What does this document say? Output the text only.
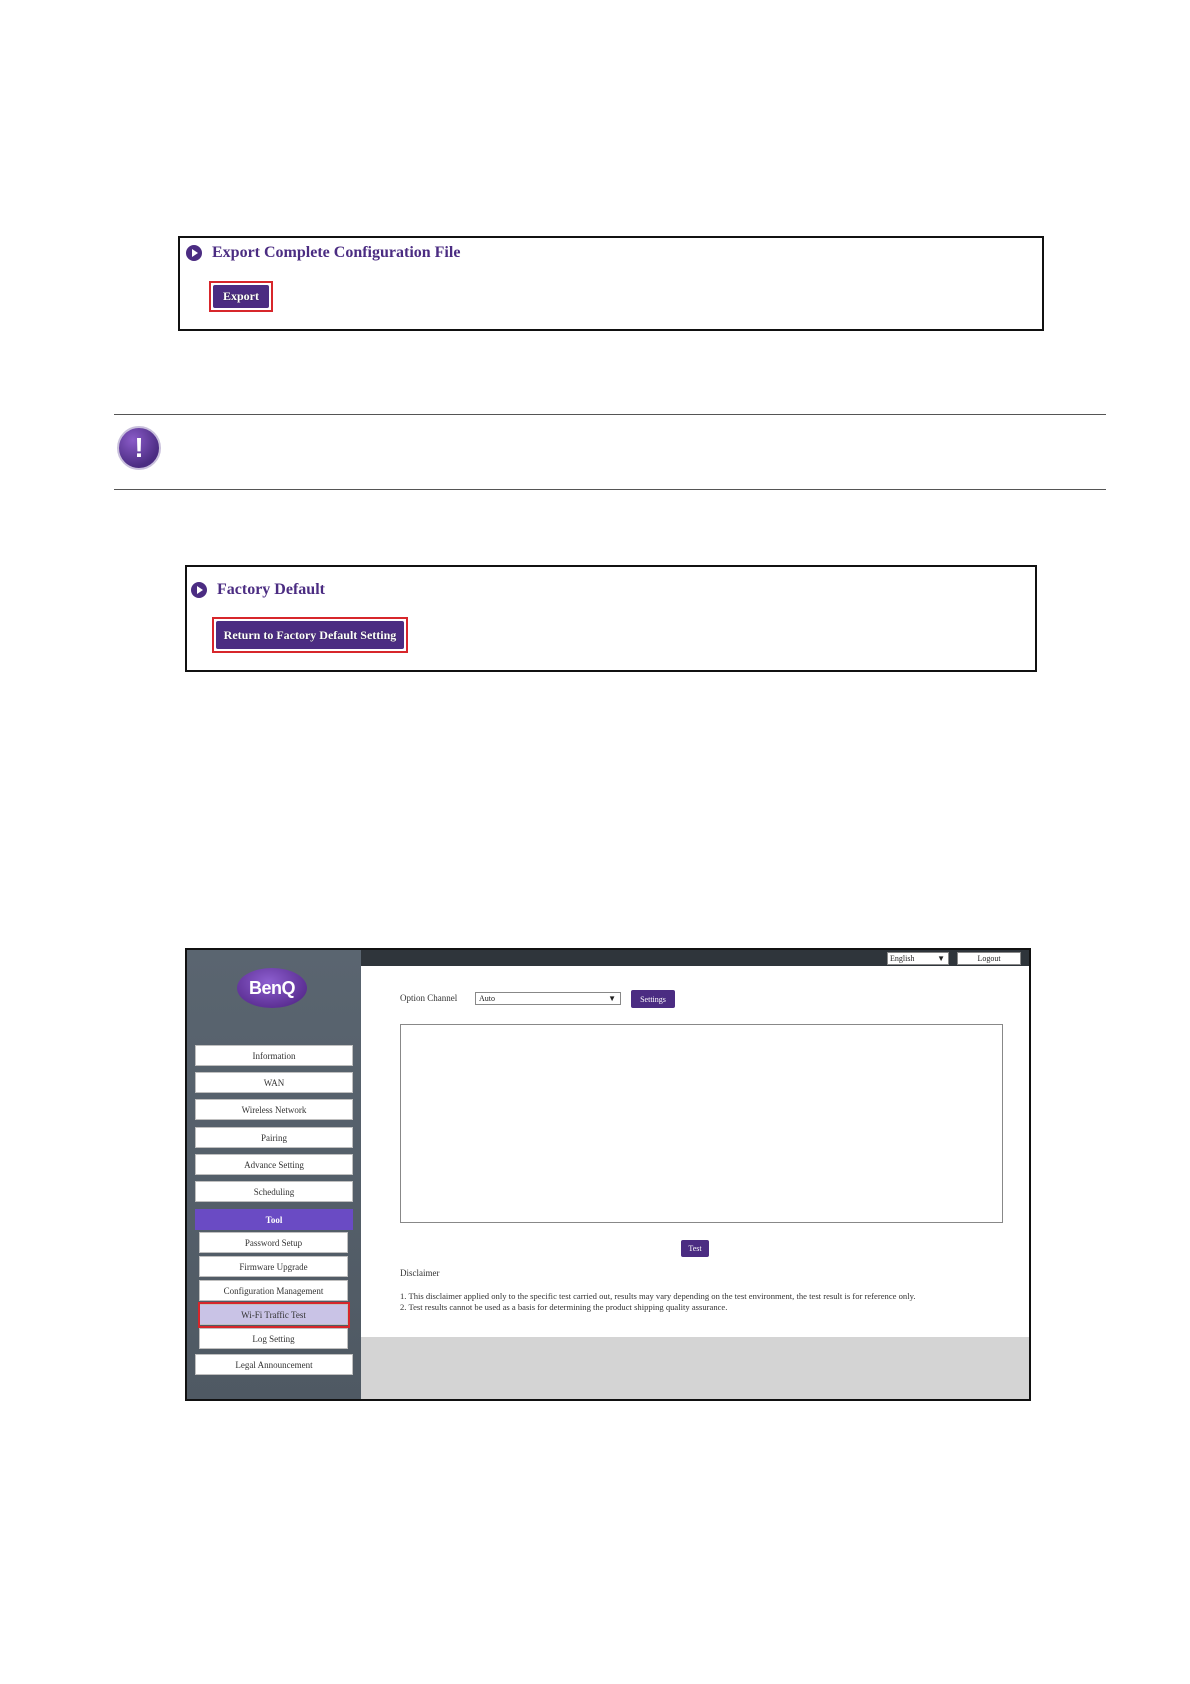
Export Complete Configuration File
Export
!
Factory Default
Return to Factory Default Setting
BenQ
Information
WAN
Wireless Network
Pairing
Advance Setting
Scheduling
Tool
Password Setup
Firmware Upgrade
Configuration Management
Wi-Fi Traffic Test
Log Setting
Legal Announcement
English	▼	Logout
Option Channel	Auto	▼	Settings
Test
Disclaimer
1. This disclaimer applied only to the specific test carried out, results may vary depending on the test environment, the test result is for reference only.
2. Test results cannot be used as a basis for determining the product shipping quality assurance.
